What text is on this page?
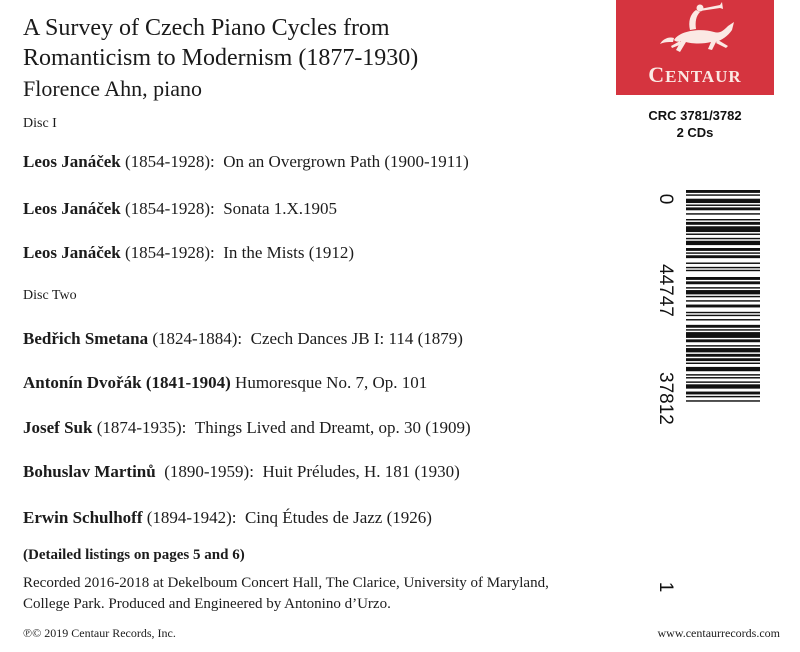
A Survey of Czech Piano Cycles from
Romanticism to Modernism (1877-1930)
Florence Ahn, piano
CENTAUR
CRC 3781/3782
2 CDs
0
44747
37812
1
Disc I
Leos Janáček (1854-1928): On an Overgrown Path (1900-1911)
Leos Janáček (1854-1928): Sonata 1.X.1905
Leos Janáček (1854-1928): In the Mists (1912)
Disc Two
Bedřich Smetana (1824-1884): Czech Dances JB I: 114 (1879)
Antonín Dvořák (1841-1904) Humoresque No. 7, Op. 101
Josef Suk (1874-1935): Things Lived and Dreamt, op. 30 (1909)
Bohuslav Martinů (1890-1959): Huit Préludes, H. 181 (1930)
Erwin Schulhoff (1894-1942): Cinq Études de Jazz (1926)
(Detailed listings on pages 5 and 6)
Recorded 2016-2018 at Dekelboum Concert Hall, The Clarice, University of Maryland,
College Park. Produced and Engineered by Antonino d’Urzo.
℗© 2019 Centaur Records, Inc.	www.centaurrecords.com
